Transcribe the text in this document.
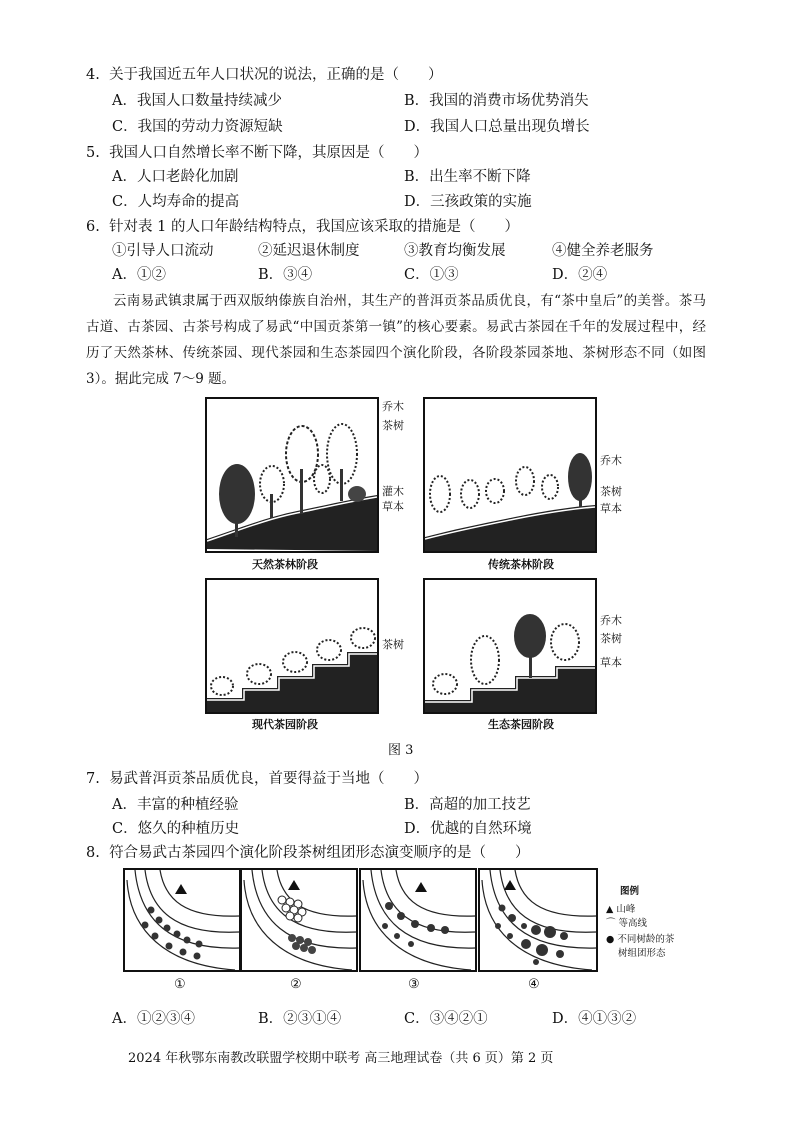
4. 关于我国近五年人口状况的说法，正确的是（　　）
A．我国人口数量持续减少	B．我国的消费市场优势消失
C．我国的劳动力资源短缺	D．我国人口总量出现负增长
5. 我国人口自然增长率不断下降，其原因是（　　）
A．人口老龄化加剧	B．出生率不断下降
C．人均寿命的提高	D．三孩政策的实施
6. 针对表 1 的人口年龄结构特点，我国应该采取的措施是（　　）
①引导人口流动	②延迟退休制度	③教育均衡发展	④健全养老服务
A．①②	B．③④	C．①③	D．②④
云南易武镇隶属于西双版纳傣族自治州，其生产的普洱贡茶品质优良，有“茶中皇后”的美誉。茶马古道、古茶园、古茶号构成了易武“中国贡茶第一镇”的核心要素。易武古茶园在千年的发展过程中，经历了天然茶林、传统茶园、现代茶园和生态茶园四个演化阶段，各阶段茶园茶地、茶树形态不同（如图 3）。据此完成 7～9 题。
乔木
茶树
灌木
草本
天然茶林阶段
乔木
茶树
草本
传统茶林阶段
茶树
现代茶园阶段
乔木
茶树
草本
生态茶园阶段
图 3
7. 易武普洱贡茶品质优良，首要得益于当地（　　）
A．丰富的种植经验	B．高超的加工技艺
C．悠久的种植历史	D．优越的自然环境
8. 符合易武古茶园四个演化阶段茶树组团形态演变顺序的是（　　）
图例
▲ 山峰
⌒ 等高线
● 不同树龄的茶
树组团形态
①	②	③	④
A．①②③④	B．②③①④	C．③④②①	D．④①③②
2024 年秋鄂东南教改联盟学校期中联考 高三地理试卷（共 6 页）第 2 页
